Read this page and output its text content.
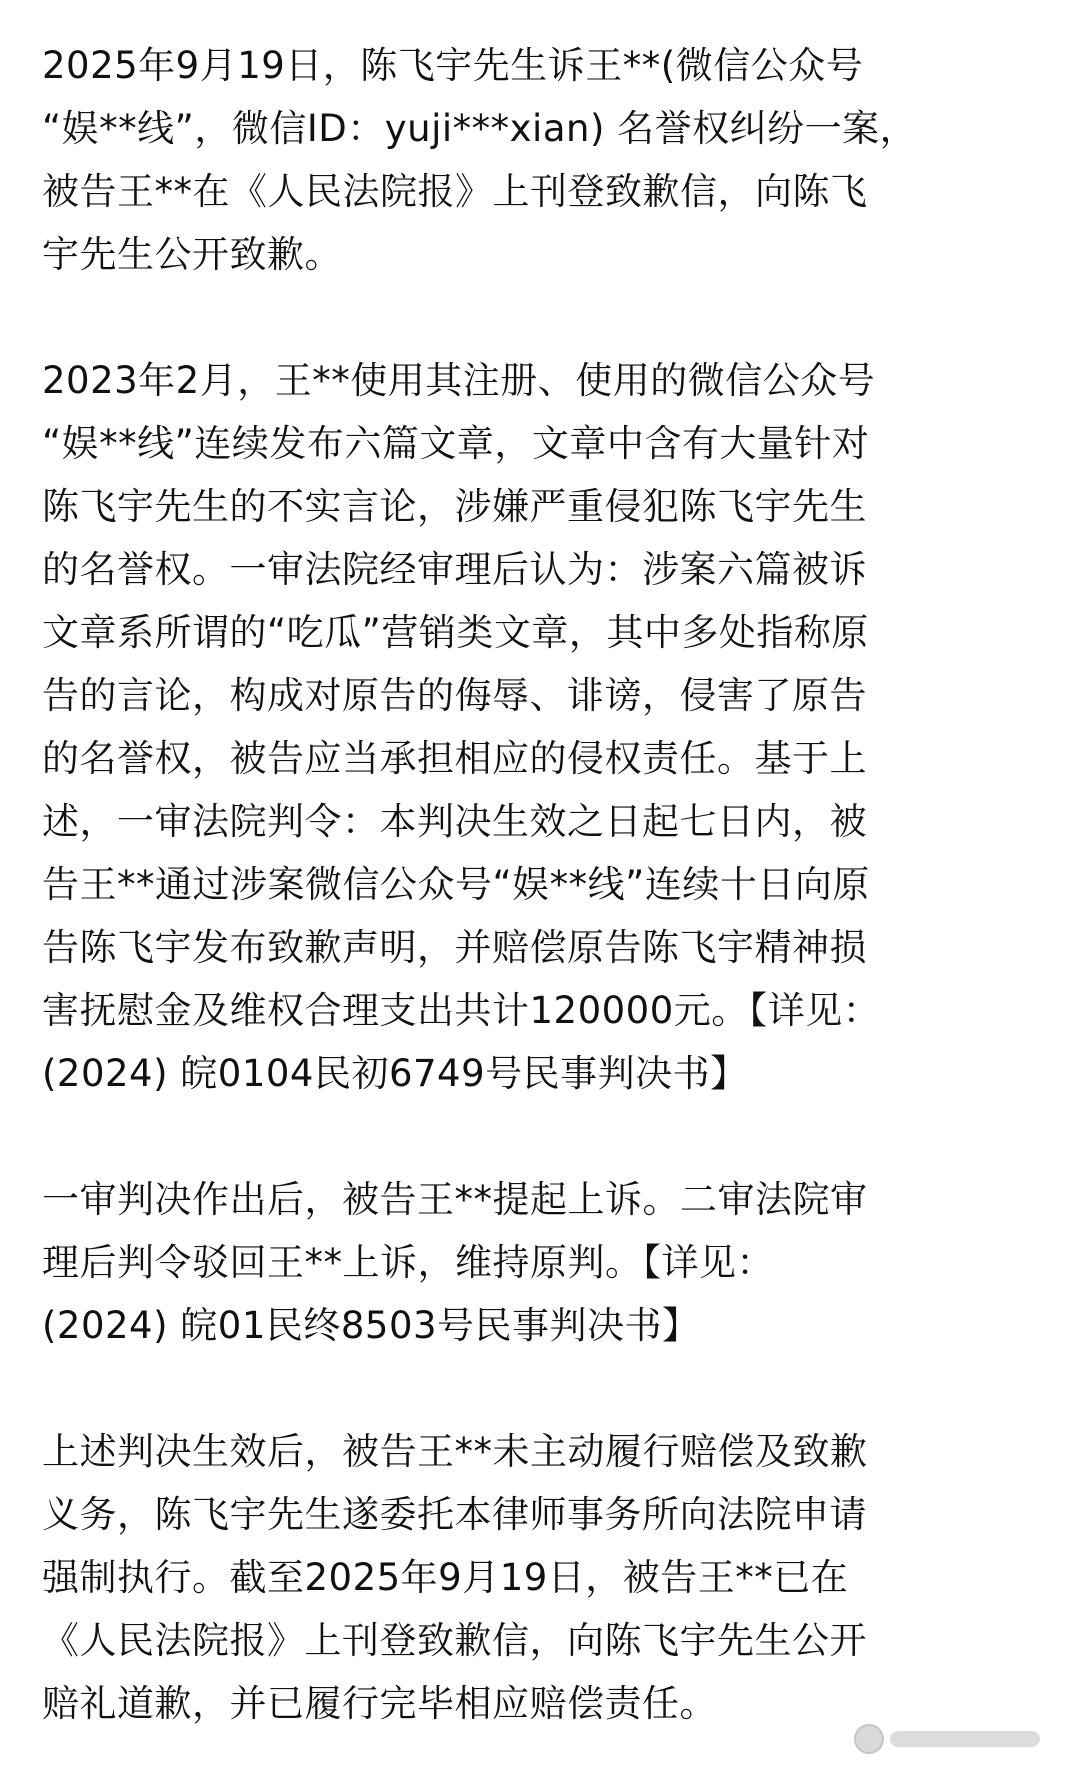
2025年9月19日，陈飞宇先生诉王**(微信公众号
“娱**线”，微信ID：yuji***xian) 名誉权纠纷一案，
被告王**在《人民法院报》上刊登致歉信，向陈飞
宇先生公开致歉。
2023年2月，王**使用其注册、使用的微信公众号
“娱**线”连续发布六篇文章，文章中含有大量针对
陈飞宇先生的不实言论，涉嫌严重侵犯陈飞宇先生
的名誉权。一审法院经审理后认为：涉案六篇被诉
文章系所谓的“吃瓜”营销类文章，其中多处指称原
告的言论，构成对原告的侮辱、诽谤，侵害了原告
的名誉权，被告应当承担相应的侵权责任。基于上
述，一审法院判令：本判决生效之日起七日内，被
告王**通过涉案微信公众号“娱**线”连续十日向原
告陈飞宇发布致歉声明，并赔偿原告陈飞宇精神损
害抚慰金及维权合理支出共计120000元。【详见：
(2024) 皖0104民初6749号民事判决书】
一审判决作出后，被告王**提起上诉。二审法院审
理后判令驳回王**上诉，维持原判。【详见：
(2024) 皖01民终8503号民事判决书】
上述判决生效后，被告王**未主动履行赔偿及致歉
义务，陈飞宇先生遂委托本律师事务所向法院申请
强制执行。截至2025年9月19日，被告王**已在
《人民法院报》上刊登致歉信，向陈飞宇先生公开
赔礼道歉，并已履行完毕相应赔偿责任。
